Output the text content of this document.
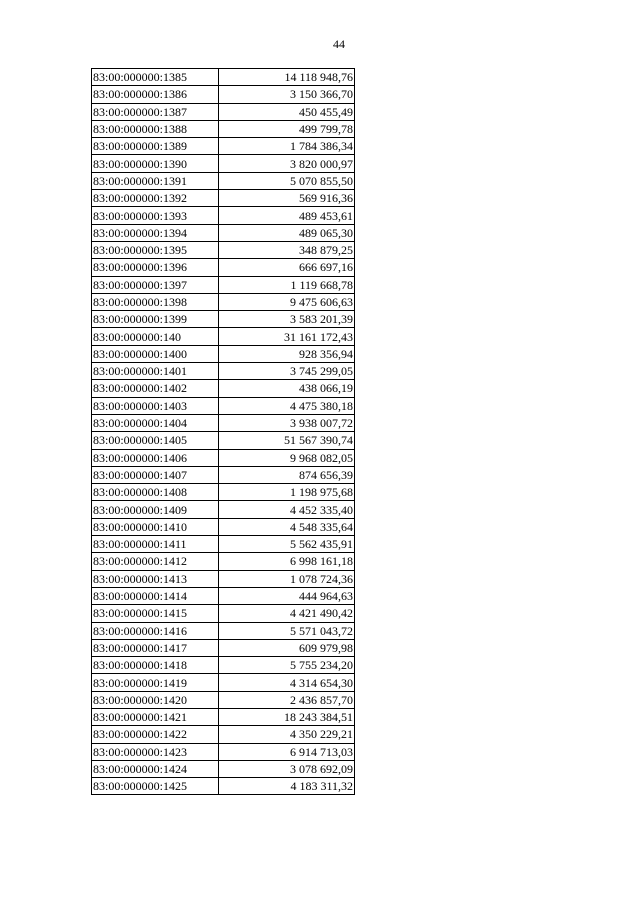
44
83:00:000000:1385	14 118 948,76
83:00:000000:1386	3 150 366,70
83:00:000000:1387	450 455,49
83:00:000000:1388	499 799,78
83:00:000000:1389	1 784 386,34
83:00:000000:1390	3 820 000,97
83:00:000000:1391	5 070 855,50
83:00:000000:1392	569 916,36
83:00:000000:1393	489 453,61
83:00:000000:1394	489 065,30
83:00:000000:1395	348 879,25
83:00:000000:1396	666 697,16
83:00:000000:1397	1 119 668,78
83:00:000000:1398	9 475 606,63
83:00:000000:1399	3 583 201,39
83:00:000000:140	31 161 172,43
83:00:000000:1400	928 356,94
83:00:000000:1401	3 745 299,05
83:00:000000:1402	438 066,19
83:00:000000:1403	4 475 380,18
83:00:000000:1404	3 938 007,72
83:00:000000:1405	51 567 390,74
83:00:000000:1406	9 968 082,05
83:00:000000:1407	874 656,39
83:00:000000:1408	1 198 975,68
83:00:000000:1409	4 452 335,40
83:00:000000:1410	4 548 335,64
83:00:000000:1411	5 562 435,91
83:00:000000:1412	6 998 161,18
83:00:000000:1413	1 078 724,36
83:00:000000:1414	444 964,63
83:00:000000:1415	4 421 490,42
83:00:000000:1416	5 571 043,72
83:00:000000:1417	609 979,98
83:00:000000:1418	5 755 234,20
83:00:000000:1419	4 314 654,30
83:00:000000:1420	2 436 857,70
83:00:000000:1421	18 243 384,51
83:00:000000:1422	4 350 229,21
83:00:000000:1423	6 914 713,03
83:00:000000:1424	3 078 692,09
83:00:000000:1425	4 183 311,32
